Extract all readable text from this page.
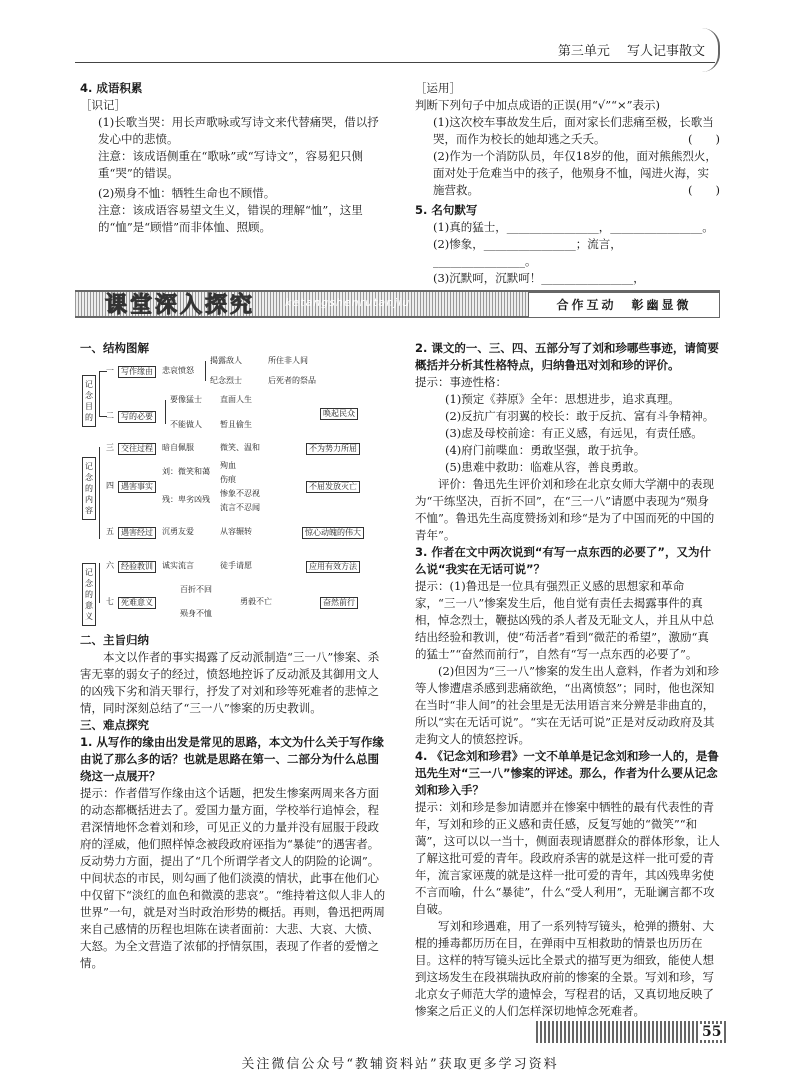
第三单元　 写人记事散文

4. 成语积累

［识记］

(1)长歌当哭：用长声歌咏或写诗文来代替痛哭，借以抒发心中的悲愤。

注意：该成语侧重在“歌咏”或“写诗文”，容易犯只侧重“哭”的错误。

(2)殒身不恤：牺牲生命也不顾惜。

注意：该成语容易望文生义，错误的理解“恤”，这里的“恤”是“顾惜”而非体恤、照顾。

［运用］

判断下列句子中加点成语的正误(用“√”“×”表示)

(1)这次校车事故发生后，面对家长们悲痛至极，长歌当哭，而作为校长的她却逃之夭夭。	(　　)

(2)作为一个消防队员，年仅18岁的他，面对熊熊烈火，面对处于危难当中的孩子，他殒身不恤，闯进火海，实施营救。	(　　)

5. 名句默写

(1)真的猛士，________________，________________。

(2)惨象，________________；流言，________________。

(3)沉默呵，沉默呵！________________，

课堂深入探究	ketangshenrutanjiu	合作互动　彰幽显微

一、结构图解

记念目的
记念的内容
记念的意义
一 写作缘由	悲哀愤怒
揭露敌人	所住非人间
纪念烈士	后死者的祭品
二 写的必要
要像猛士 直面人生
不能做人 暂且偷生
唤起民众
三 交往过程	暗自佩服	微笑、温和	不为势力所屈
四 遇害事实
刘：微笑和蔼
殉血
伤痕
残：卑劣凶残
惨象不忍视
流言不忍闻
不屈发放灭亡
五 遇害经过	沉勇友爱	从容辗转	惊心动魄的伟大
六 经验教训	诚实流言	徒手请愿	应用有效方法
七 死难意义
百折不回
殒身不恤
勇毅不亡	奋然前行

二、主旨归纳

本文以作者的事实揭露了反动派制造“三一八”惨案、杀害无辜的弱女子的经过，愤怒地控诉了反动派及其御用文人的凶残下劣和消天罪行，抒发了对刘和珍等死难者的悲悼之情，同时深刻总结了“三一八”惨案的历史教训。

三、难点探究

1. 从写作的缘由出发是常见的思路，本文为什么关于写作缘由说了那么多的话？也就是思路在第一、二部分为什么总围绕这一点展开？

提示：作者借写作缘由这个话题，把发生惨案两周来各方面的动态都概括进去了。爱国力量方面，学校举行追悼会，程君深情地怀念着刘和珍，可见正义的力量并没有屈服于段政府的淫威，他们照样悼念被段政府诬指为“暴徒”的遇害者。反动势力方面，提出了“几个所谓学者文人的阴险的论调”。中间状态的市民，则勾画了他们淡漠的情状，此事在他们心中仅留下“淡红的血色和微漠的悲哀”。“维持着这似人非人的世界”一句，就是对当时政治形势的概括。再则，鲁迅把两周来自己感情的历程也坦陈在读者面前：大悲、大哀、大愤、大怒。为全文营造了浓郁的抒情氛围，表现了作者的爱憎之情。

2. 课文的一、三、四、五部分写了刘和珍哪些事迹，请简要概括并分析其性格特点，归纳鲁迅对刘和珍的评价。

提示：事迹性格：

(1)预定《莽原》全年：思想进步，追求真理。

(2)反抗广有羽翼的校长：敢于反抗、富有斗争精神。

(3)虑及母校前途：有正义感，有远见，有责任感。

(4)府门前喋血：勇敢坚强，敢于抗争。

(5)患难中救助：临难从容，善良勇敢。

评价：鲁迅先生评价刘和珍在北京女师大学潮中的表现为“干练坚决，百折不回”，在“三一八”请愿中表现为“殒身不恤”。鲁迅先生高度赞扬刘和珍“是为了中国而死的中国的青年”。

3. 作者在文中两次说到“有写一点东西的必要了”，又为什么说“我实在无话可说”？

提示：(1)鲁迅是一位具有强烈正义感的思想家和革命家，“三一八”惨案发生后，他自觉有责任去揭露事件的真相，悼念烈士，鞭挞凶残的杀人者及无耻文人，并且从中总结出经验和教训，使“苟活者”看到“微茫的希望”，激励“真的猛士”“奋然而前行”，自然有“写一点东西的必要了”。

(2)但因为“三一八”惨案的发生出人意料，作者为刘和珍等人惨遭虐杀感到悲痛欲绝，“出离愤怒”；同时，他也深知在当时“非人间”的社会里是无法用语言来分辨是非曲直的，所以“实在无话可说”。“实在无话可说”正是对反动政府及其走狗文人的愤怒控诉。

4. 《记念刘和珍君》一文不单单是记念刘和珍一人的，是鲁迅先生对“三一八”惨案的评述。那么，作者为什么要从记念刘和珍入手？

提示：刘和珍是参加请愿并在惨案中牺牲的最有代表性的青年，写刘和珍的正义感和责任感，反复写她的“微笑”“和蔼”，这可以以一当十，侧面表现请愿群众的群体形象，让人了解这批可爱的青年。段政府杀害的就是这样一批可爱的青年，流言家诬蔑的就是这样一批可爱的青年，其凶残卑劣使不言而喻，什么“暴徒”，什么“受人利用”，无耻谰言都不攻自破。

写刘和珍遇难，用了一系列特写镜头，枪弹的攒射、大棍的捶毒都历历在目，在弹雨中互相救助的情景也历历在目。这样的特写镜头远比全景式的描写更为细致，能使人想到这场发生在段祺瑞执政府前的惨案的全景。写刘和珍，写北京女子师范大学的遗悼会，写程君的话，又真切地反映了惨案之后正义的人们怎样深切地悼念死难者。

55
关注微信公众号“教辅资料站”获取更多学习资料
